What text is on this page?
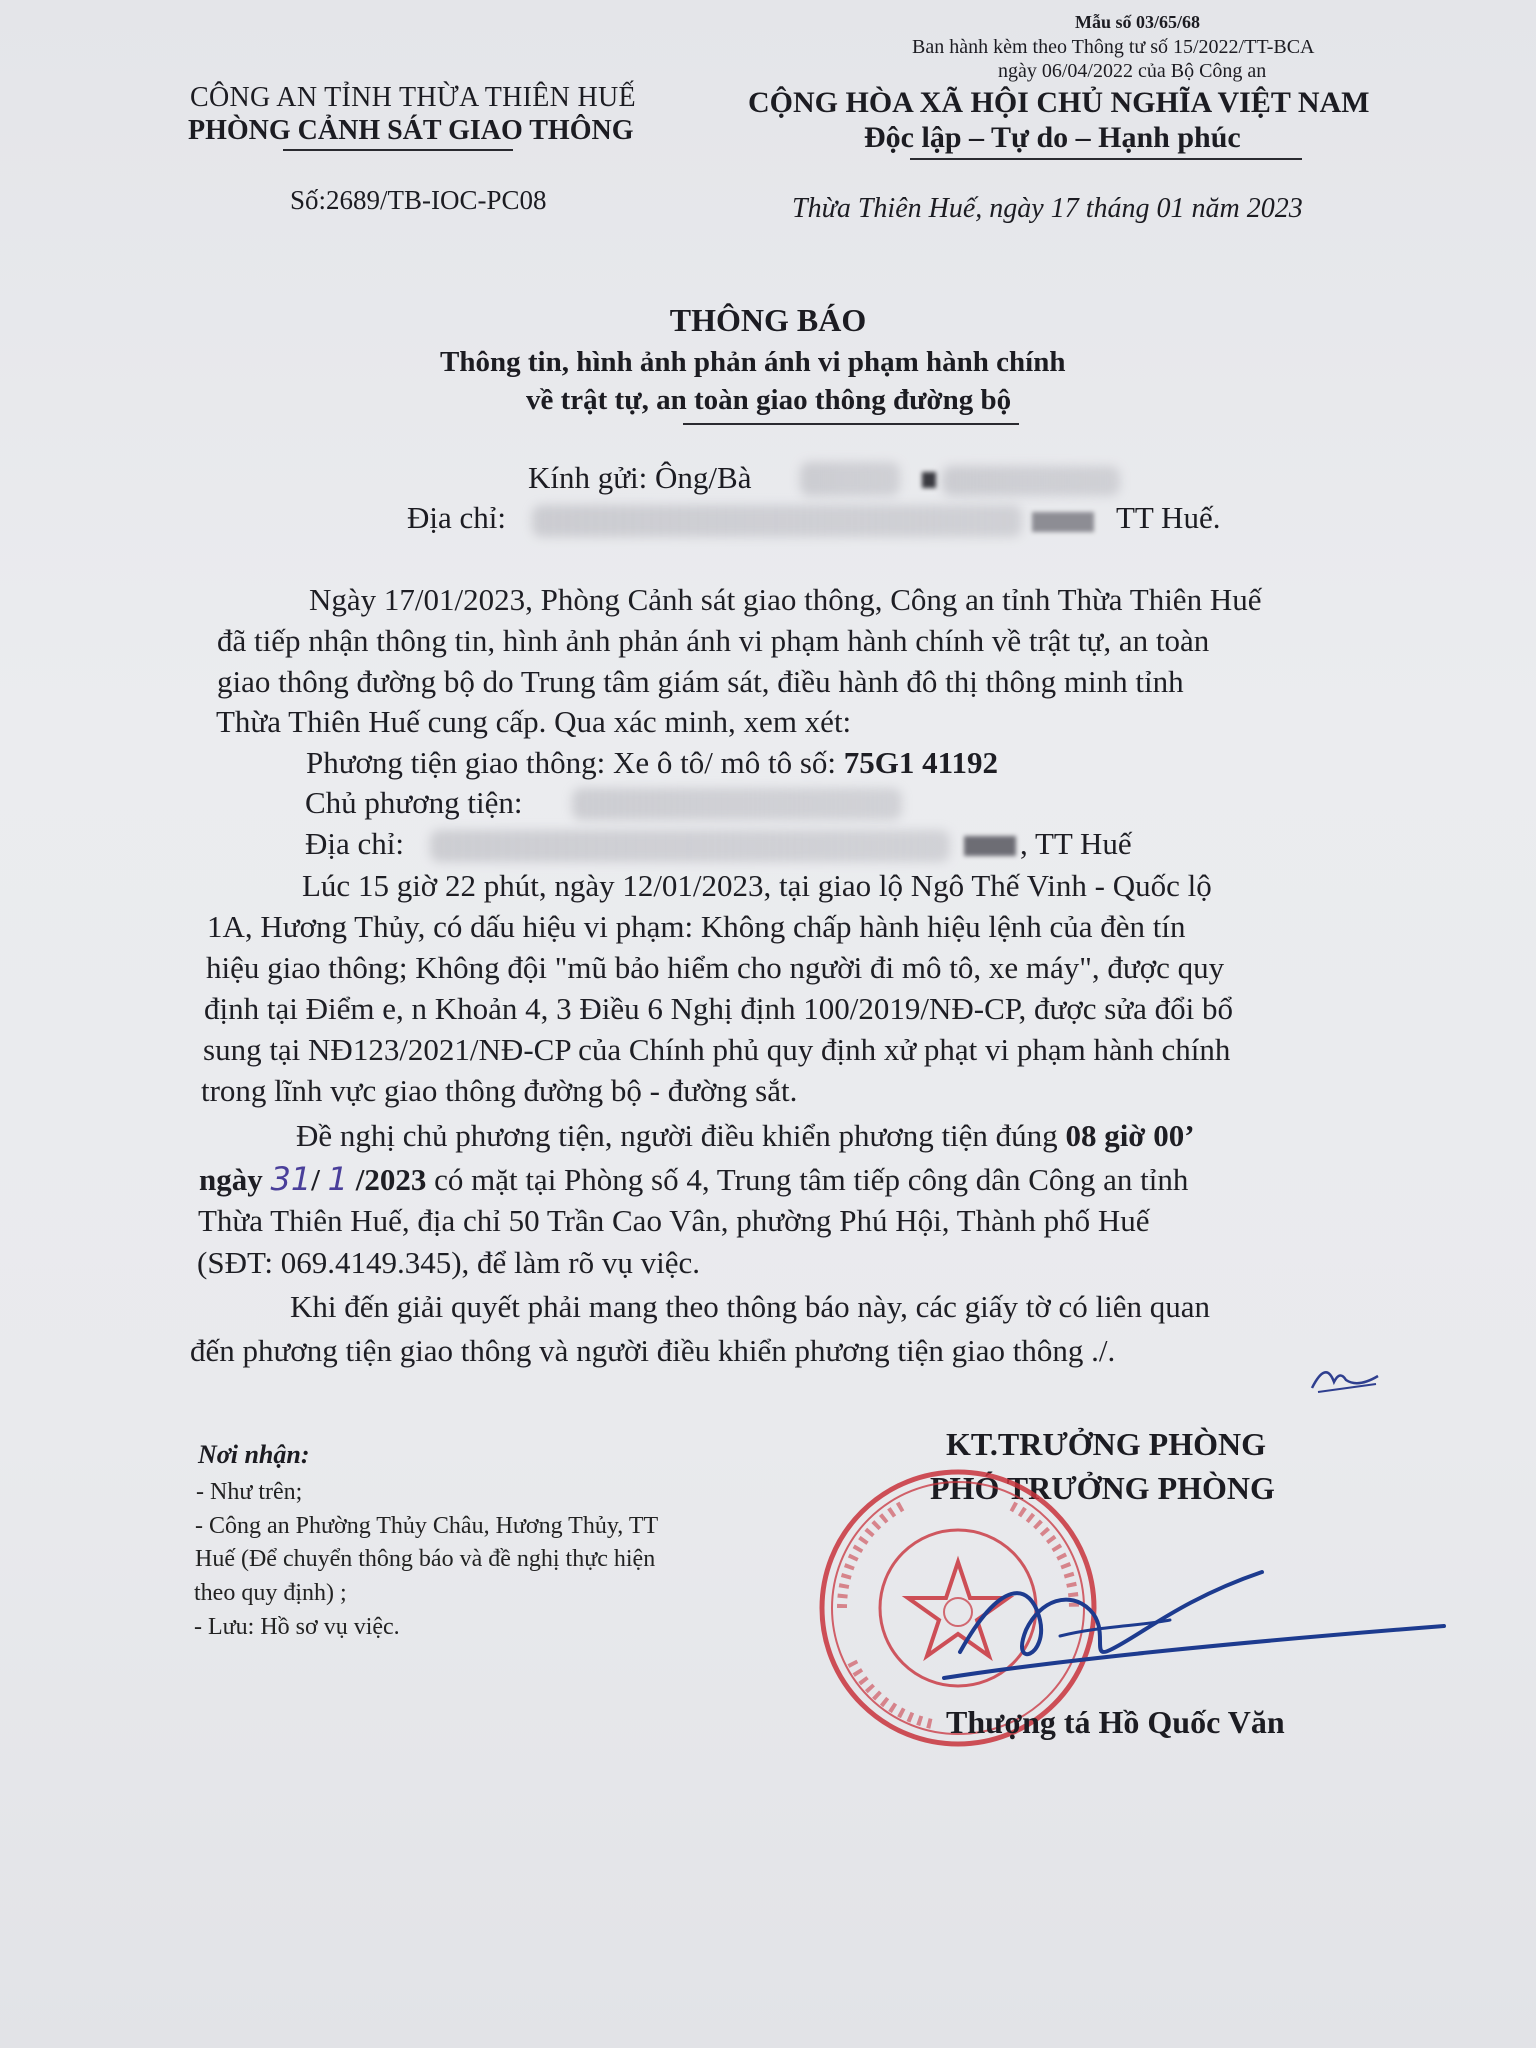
Mẫu số 03/65/68
Ban hành kèm theo Thông tư số 15/2022/TT-BCA
ngày 06/04/2022 của Bộ Công an
CÔNG AN TỈNH THỪA THIÊN HUẾ
PHÒNG CẢNH SÁT GIAO THÔNG
Số:2689/TB-IOC-PC08
CỘNG HÒA XÃ HỘI CHỦ NGHĨA VIỆT NAM
Độc lập – Tự do – Hạnh phúc
Thừa Thiên Huế, ngày 17 tháng 01 năm 2023
THÔNG BÁO
Thông tin, hình ảnh phản ánh vi phạm hành chính
về trật tự, an toàn giao thông đường bộ
Kính gửi: Ông/Bà
Địa chỉ:	TT Huế.
Ngày 17/01/2023, Phòng Cảnh sát giao thông, Công an tỉnh Thừa Thiên Huế
đã tiếp nhận thông tin, hình ảnh phản ánh vi phạm hành chính về trật tự, an toàn
giao thông đường bộ do Trung tâm giám sát, điều hành đô thị thông minh tỉnh
Thừa Thiên Huế cung cấp. Qua xác minh, xem xét:
Phương tiện giao thông: Xe ô tô/ mô tô số: 75G1 41192
Chủ phương tiện:
Địa chỉ:	, TT Huế
Lúc 15 giờ 22 phút, ngày 12/01/2023, tại giao lộ Ngô Thế Vinh - Quốc lộ
1A, Hương Thủy, có dấu hiệu vi phạm: Không chấp hành hiệu lệnh của đèn tín
hiệu giao thông; Không đội "mũ bảo hiểm cho người đi mô tô, xe máy", được quy
định tại Điểm e, n Khoản 4, 3 Điều 6 Nghị định 100/2019/NĐ-CP, được sửa đổi bổ
sung tại NĐ123/2021/NĐ-CP của Chính phủ quy định xử phạt vi phạm hành chính
trong lĩnh vực giao thông đường bộ - đường sắt.
Đề nghị chủ phương tiện, người điều khiển phương tiện đúng 08 giờ 00’
ngày 31/ 1 /2023 có mặt tại Phòng số 4, Trung tâm tiếp công dân Công an tỉnh
Thừa Thiên Huế, địa chỉ 50 Trần Cao Vân, phường Phú Hội, Thành phố Huế
(SĐT: 069.4149.345), để làm rõ vụ việc.
Khi đến giải quyết phải mang theo thông báo này, các giấy tờ có liên quan
đến phương tiện giao thông và người điều khiển phương tiện giao thông ./.
Nơi nhận:
- Như trên;
- Công an Phường Thủy Châu, Hương Thủy, TT
Huế (Để chuyển thông báo và đề nghị thực hiện
theo quy định) ;
- Lưu: Hồ sơ vụ việc.
KT.TRƯỞNG PHÒNG
PHÓ TRƯỞNG PHÒNG
Thượng tá Hồ Quốc Văn
